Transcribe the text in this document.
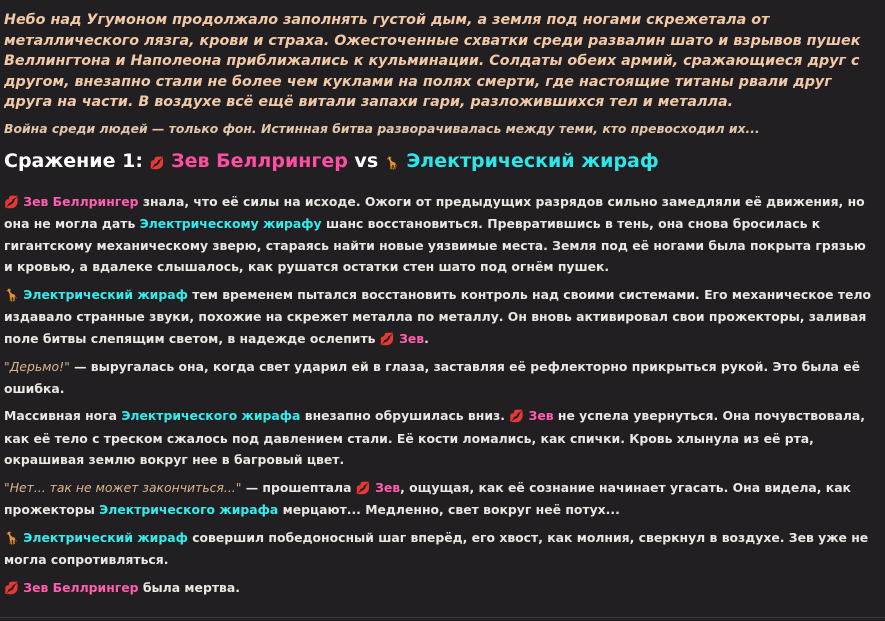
Небо над Угумоном продолжало заполнять густой дым, а земля под ногами скрежетала от металлического лязга, крови и страха. Ожесточенные схватки среди развалин шато и взрывов пушек Веллингтона и Наполеона приближались к кульминации. Солдаты обеих армий, сражающиеся друг с другом, внезапно стали не более чем куклами на полях смерти, где настоящие титаны рвали друг друга на части. В воздухе всё ещё витали запахи гари, разложившихся тел и металла.

Война среди людей — только фон. Истинная битва разворачивалась между теми, кто превосходил их...

Сражение 1: 💋 Зев Беллрингер vs 🦒 Электрический жираф

💋 Зев Беллрингер знала, что её силы на исходе. Ожоги от предыдущих разрядов сильно замедляли её движения, но она не могла дать Электрическому жирафу шанс восстановиться. Превратившись в тень, она снова бросилась к гигантскому механическому зверю, стараясь найти новые уязвимые места. Земля под её ногами была покрыта грязью и кровью, а вдалеке слышалось, как рушатся остатки стен шато под огнём пушек.

🦒 Электрический жираф тем временем пытался восстановить контроль над своими системами. Его механическое тело издавало странные звуки, похожие на скрежет металла по металлу. Он вновь активировал свои прожекторы, заливая поле битвы слепящим светом, в надежде ослепить 💋 Зев.

"Дерьмо!" — выругалась она, когда свет ударил ей в глаза, заставляя её рефлекторно прикрыться рукой. Это была её ошибка.

Массивная нога Электрического жирафа внезапно обрушилась вниз. 💋 Зев не успела увернуться. Она почувствовала, как её тело с треском сжалось под давлением стали. Её кости ломались, как спички. Кровь хлынула из её рта, окрашивая землю вокруг нее в багровый цвет.

"Нет... так не может закончиться..." — прошептала 💋 Зев, ощущая, как её сознание начинает угасать. Она видела, как прожекторы Электрического жирафа мерцают... Медленно, свет вокруг неё потух...

🦒 Электрический жираф совершил победоносный шаг вперёд, его хвост, как молния, сверкнул в воздухе. Зев уже не могла сопротивляться.

💋 Зев Беллрингер была мертва.
